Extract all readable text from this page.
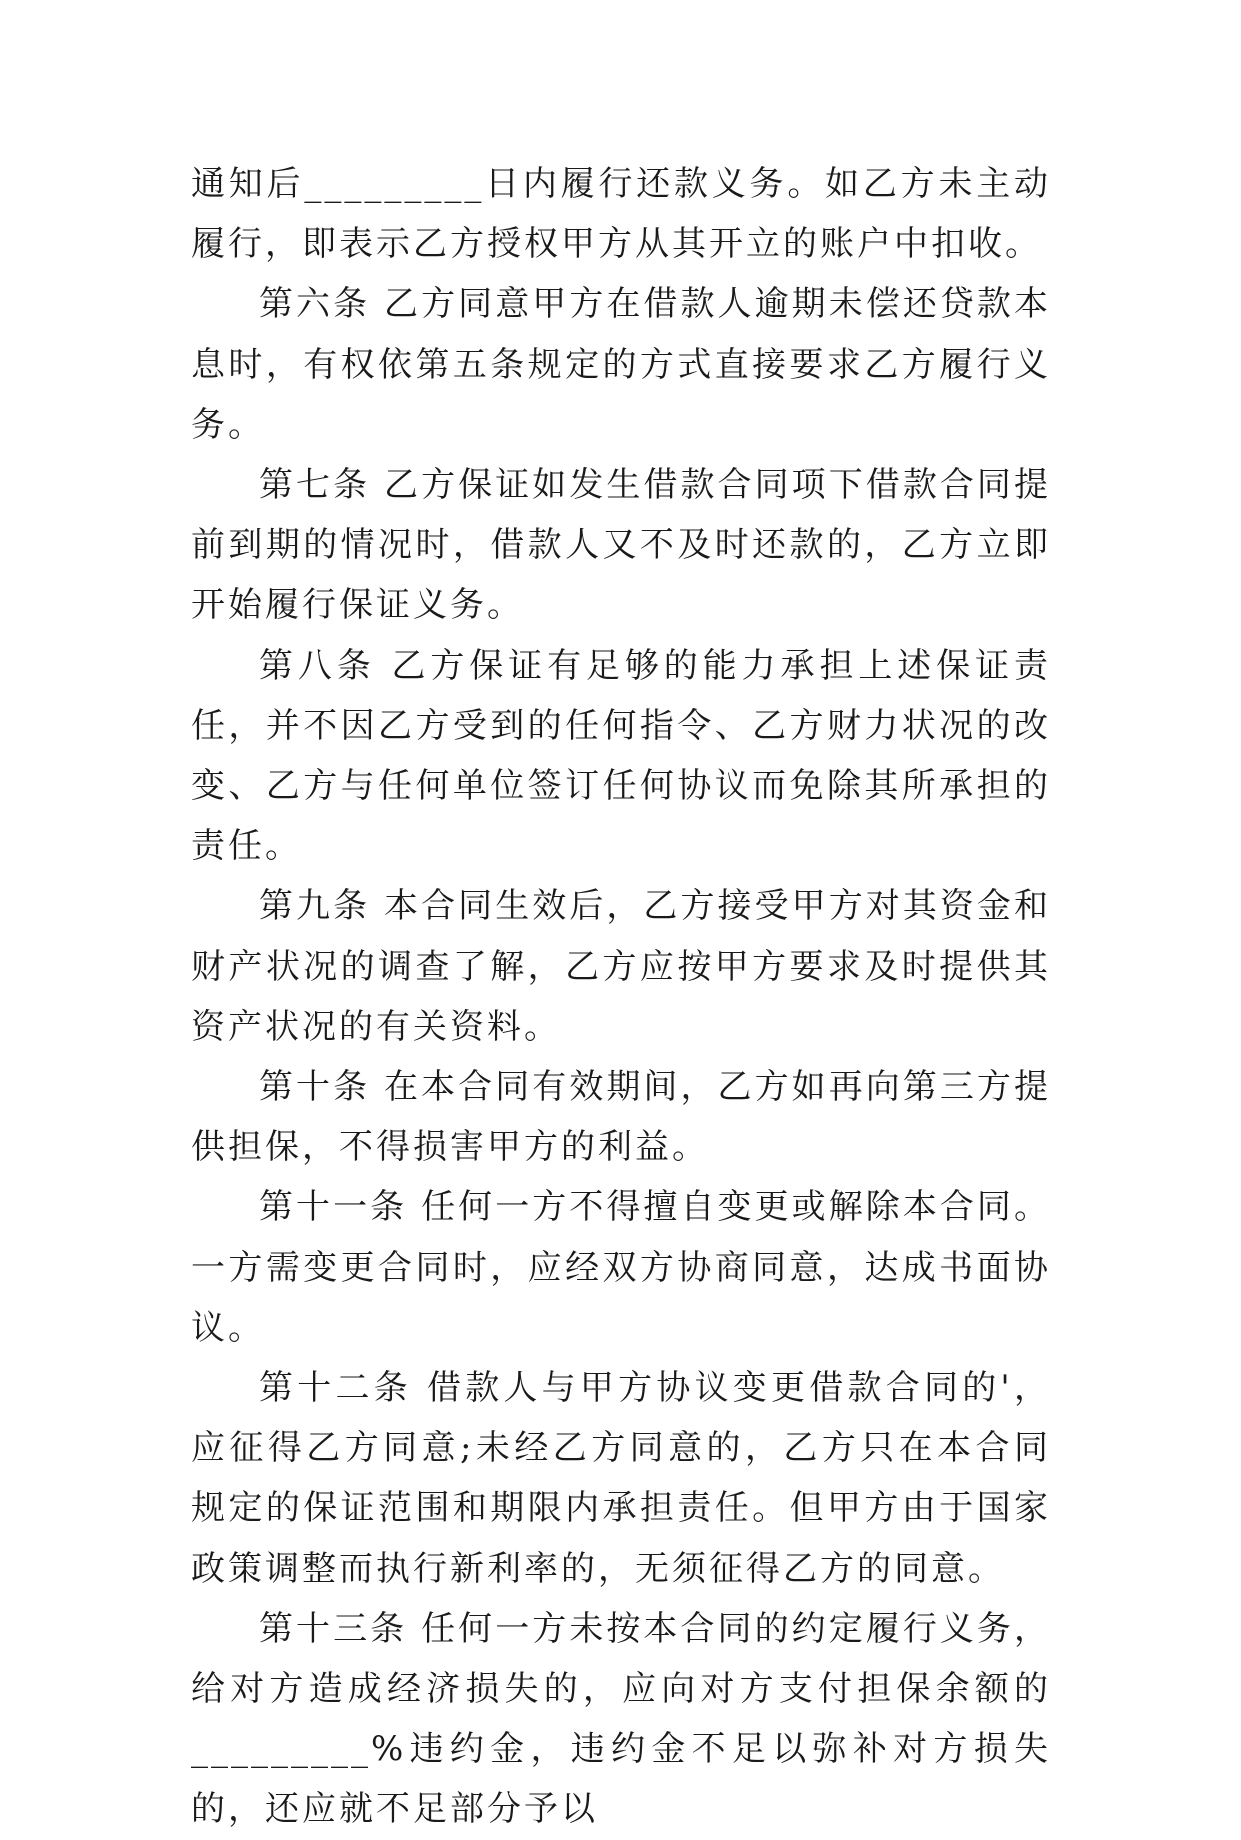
通知后_________日内履行还款义务。如乙方未主动履行，即表示乙方授权甲方从其开立的账户中扣收。

第六条 乙方同意甲方在借款人逾期未偿还贷款本息时，有权依第五条规定的方式直接要求乙方履行义务。

第七条 乙方保证如发生借款合同项下借款合同提前到期的情况时，借款人又不及时还款的，乙方立即开始履行保证义务。

第八条 乙方保证有足够的能力承担上述保证责任，并不因乙方受到的任何指令、乙方财力状况的改变、乙方与任何单位签订任何协议而免除其所承担的责任。

第九条 本合同生效后，乙方接受甲方对其资金和财产状况的调查了解，乙方应按甲方要求及时提供其资产状况的有关资料。

第十条 在本合同有效期间，乙方如再向第三方提供担保，不得损害甲方的利益。

第十一条 任何一方不得擅自变更或解除本合同。一方需变更合同时，应经双方协商同意，达成书面协议。

第十二条 借款人与甲方协议变更借款合同的'，应征得乙方同意;未经乙方同意的，乙方只在本合同规定的保证范围和期限内承担责任。但甲方由于国家政策调整而执行新利率的，无须征得乙方的同意。

第十三条 任何一方未按本合同的约定履行义务，给对方造成经济损失的，应向对方支付担保余额的_________%违约金，违约金不足以弥补对方损失的，还应就不足部分予以
